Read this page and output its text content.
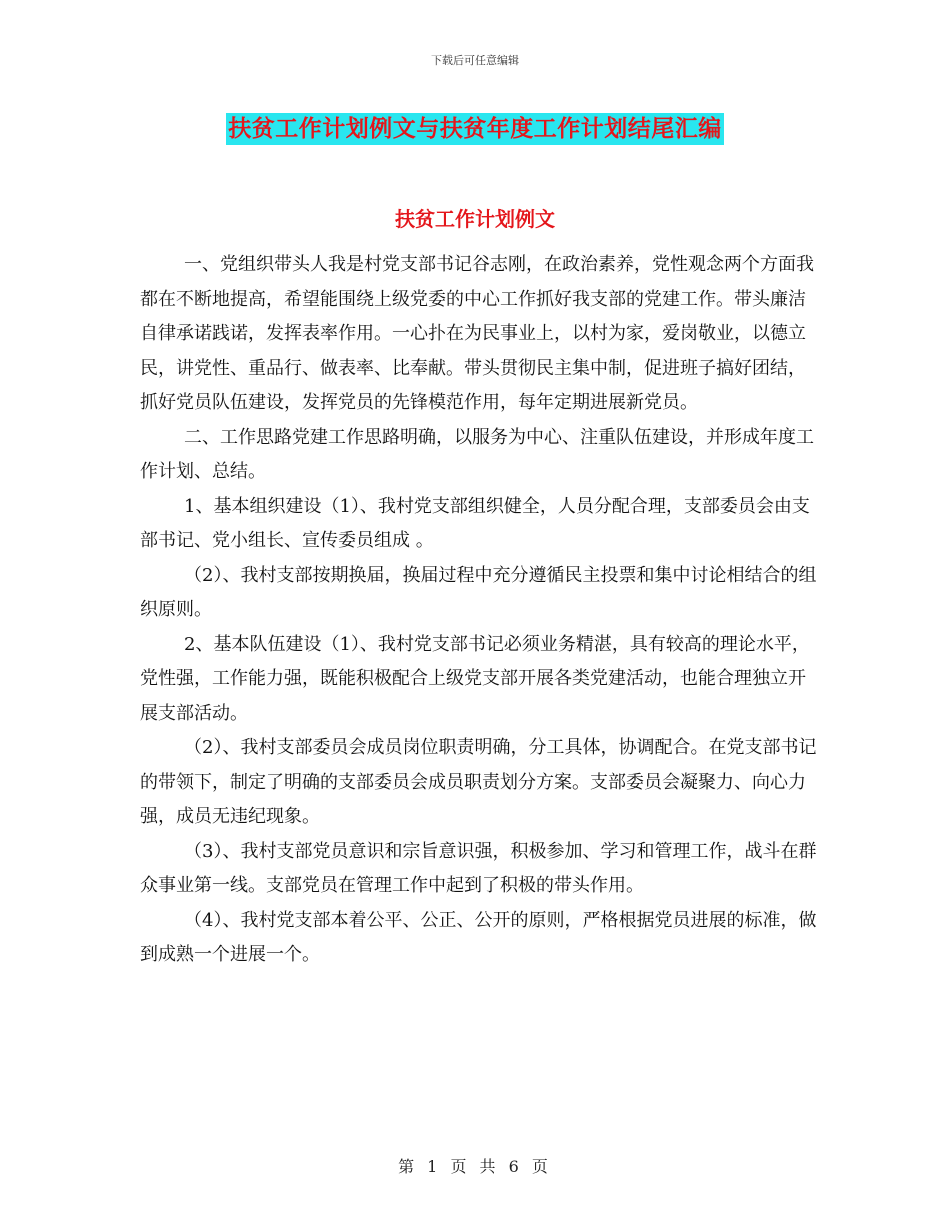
下载后可任意编辑
扶贫工作计划例文与扶贫年度工作计划结尾汇编
扶贫工作计划例文

一、党组织带头人我是村党支部书记谷志刚，在政治素养，党性观念两个方面我都在不断地提高，希望能围绕上级党委的中心工作抓好我支部的党建工作。带头廉洁自律承诺践诺，发挥表率作用。一心扑在为民事业上，以村为家，爱岗敬业，以德立民，讲党性、重品行、做表率、比奉献。带头贯彻民主集中制，促进班子搞好团结，抓好党员队伍建设，发挥党员的先锋模范作用，每年定期进展新党员。

二、工作思路党建工作思路明确，以服务为中心、注重队伍建设，并形成年度工作计划、总结。

1、基本组织建设（1）、我村党支部组织健全，人员分配合理，支部委员会由支部书记、党小组长、宣传委员组成 。

（2）、我村支部按期换届，换届过程中充分遵循民主投票和集中讨论相结合的组织原则。

2、基本队伍建设（1）、我村党支部书记必须业务精湛，具有较高的理论水平，党性强，工作能力强，既能积极配合上级党支部开展各类党建活动，也能合理独立开展支部活动。

（2）、我村支部委员会成员岗位职责明确，分工具体，协调配合。在党支部书记的带领下，制定了明确的支部委员会成员职责划分方案。支部委员会凝聚力、向心力强，成员无违纪现象。

（3）、我村支部党员意识和宗旨意识强，积极参加、学习和管理工作，战斗在群众事业第一线。支部党员在管理工作中起到了积极的带头作用。

（4）、我村党支部本着公平、公正、公开的原则，严格根据党员进展的标准，做到成熟一个进展一个。

第 1 页 共 6 页
